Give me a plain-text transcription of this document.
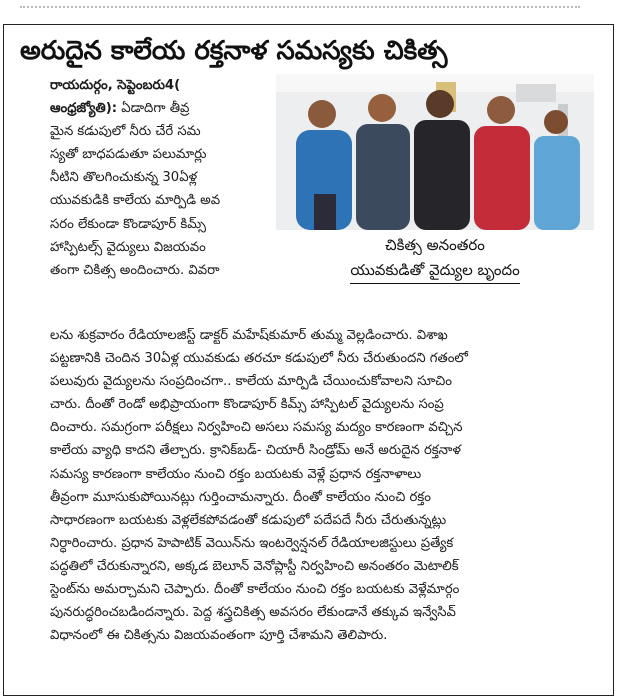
అరుదైన కాలేయ రక్తనాళ సమస్యకు చికిత్స
రాయదుర్గం, సెప్టెంబరు4(
ఆంధ్రజ్యోతి): ఏడాదిగా తీవ్ర
మైన కడుపులో నీరు చేరే సమ
స్యతో బాధపడుతూ పలుమార్లు
నీటిని తొలగించుకున్న 30ఏళ్ల
యువకుడికి కాలేయ మార్పిడి అవ
సరం లేకుండా కొండాపూర్ కిమ్స్
హాస్పిటల్స్ వైద్యులు విజయవం
తంగా చికిత్స అందించారు. వివరా
చికిత్స అనంతరం
యువకుడితో వైద్యుల బృందం
లను శుక్రవారం రేడియాలజిస్ట్ డాక్టర్ మహేష్‌కుమార్ తుమ్మ వెల్లడించారు. విశాఖ
పట్టణానికి చెందిన 30ఏళ్ల యువకుడు తరచూ కడుపులో నీరు చేరుతుందని గతంలో
పలువురు వైద్యులను సంప్రదించగా.. కాలేయ మార్పిడి చేయించుకోవాలని సూచిం
చారు. దీంతో రెండో అభిప్రాయంగా కొండాపూర్ కిమ్స్ హాస్పిటల్ వైద్యులను సంప్ర
దించారు. సమగ్రంగా పరీక్షలు నిర్వహించి అసలు సమస్య మద్యం కారణంగా వచ్చిన
కాలేయ వ్యాధి కాదని తేల్చారు. క్రానిక్‌బడ్‌- చియారీ సిండ్రోమ్ అనే అరుదైన రక్తనాళ
సమస్య కారణంగా కాలేయం నుంచి రక్తం బయటకు వెళ్లే ప్రధాన రక్తనాళాలు
తీవ్రంగా మూసుకుపోయినట్లు గుర్తించామన్నారు. దీంతో కాలేయం నుంచి రక్తం
సాధారణంగా బయటకు వెళ్లలేకపోవడంతో కడుపులో పదేపదే నీరు చేరుతున్నట్లు
నిర్ధారించారు. ప్రధాన హెపాటిక్ వెయిన్‌ను ఇంటర్వెన్షనల్ రేడియాలజిస్టులు ప్రత్యేక
పద్ధతిలో చేరుకున్నారని, అక్కడ బెలూన్ వెనోప్లాస్టీ నిర్వహించి అనంతరం మెటాలిక్
స్టెంట్‌ను అమర్చామని చెప్పారు. దీంతో కాలేయం నుంచి రక్తం బయటకు వెళ్లేమార్గం
పునరుద్ధరించబడిందన్నారు. పెద్ద శస్త్రచికిత్స అవసరం లేకుండానే తక్కువ ఇన్వేసివ్
విధానంలో ఈ చికిత్సను విజయవంతంగా పూర్తి చేశామని తెలిపారు.
